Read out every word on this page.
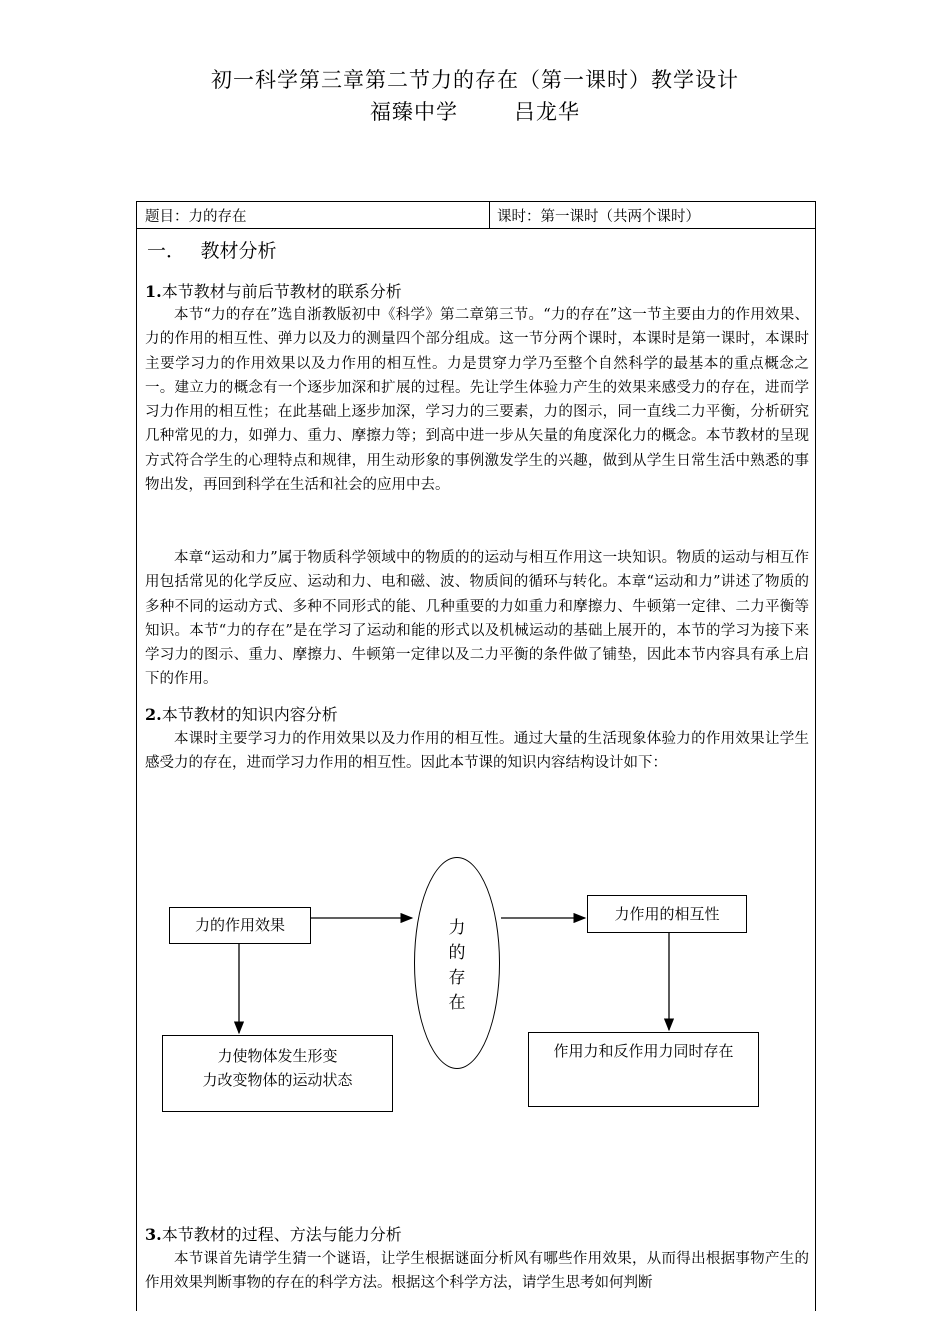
初一科学第三章第二节力的存在（第一课时）教学设计
福臻中学	吕龙华
题目：力的存在	课时：第一课时（共两个课时）
一．　 教材分析
1.本节教材与前后节教材的联系分析

本节“力的存在”选自浙教版初中《科学》第二章第三节。“力的存在”这一节主要由力的作用效果、力的作用的相互性、弹力以及力的测量四个部分组成。这一节分两个课时，本课时是第一课时，本课时主要学习力的作用效果以及力作用的相互性。力是贯穿力学乃至整个自然科学的最基本的重点概念之一。建立力的概念有一个逐步加深和扩展的过程。先让学生体验力产生的效果来感受力的存在，进而学习力作用的相互性；在此基础上逐步加深，学习力的三要素，力的图示，同一直线二力平衡，分析研究几种常见的力，如弹力、重力、摩擦力等；到高中进一步从矢量的角度深化力的概念。本节教材的呈现方式符合学生的心理特点和规律，用生动形象的事例激发学生的兴趣，做到从学生日常生活中熟悉的事物出发，再回到科学在生活和社会的应用中去。

本章“运动和力”属于物质科学领域中的物质的的运动与相互作用这一块知识。物质的运动与相互作用包括常见的化学反应、运动和力、电和磁、波、物质间的循环与转化。本章“运动和力”讲述了物质的多种不同的运动方式、多种不同形式的能、几种重要的力如重力和摩擦力、牛顿第一定律、二力平衡等知识。本节“力的存在”是在学习了运动和能的形式以及机械运动的基础上展开的，本节的学习为接下来学习力的图示、重力、摩擦力、牛顿第一定律以及二力平衡的条件做了铺垫，因此本节内容具有承上启下的作用。

2.本节教材的知识内容分析

本课时主要学习力的作用效果以及力作用的相互性。通过大量的生活现象体验力的作用效果让学生感受力的存在，进而学习力作用的相互性。因此本节课的知识内容结构设计如下：

力的作用效果
力使物体发生形变
力改变物体的运动状态
力
的
存
在
力作用的相互性
作用力和反作用力同时存在
3.本节教材的过程、方法与能力分析

本节课首先请学生猜一个谜语，让学生根据谜面分析风有哪些作用效果，从而得出根据事物产生的作用效果判断事物的存在的科学方法。根据这个科学方法，请学生思考如何判断
